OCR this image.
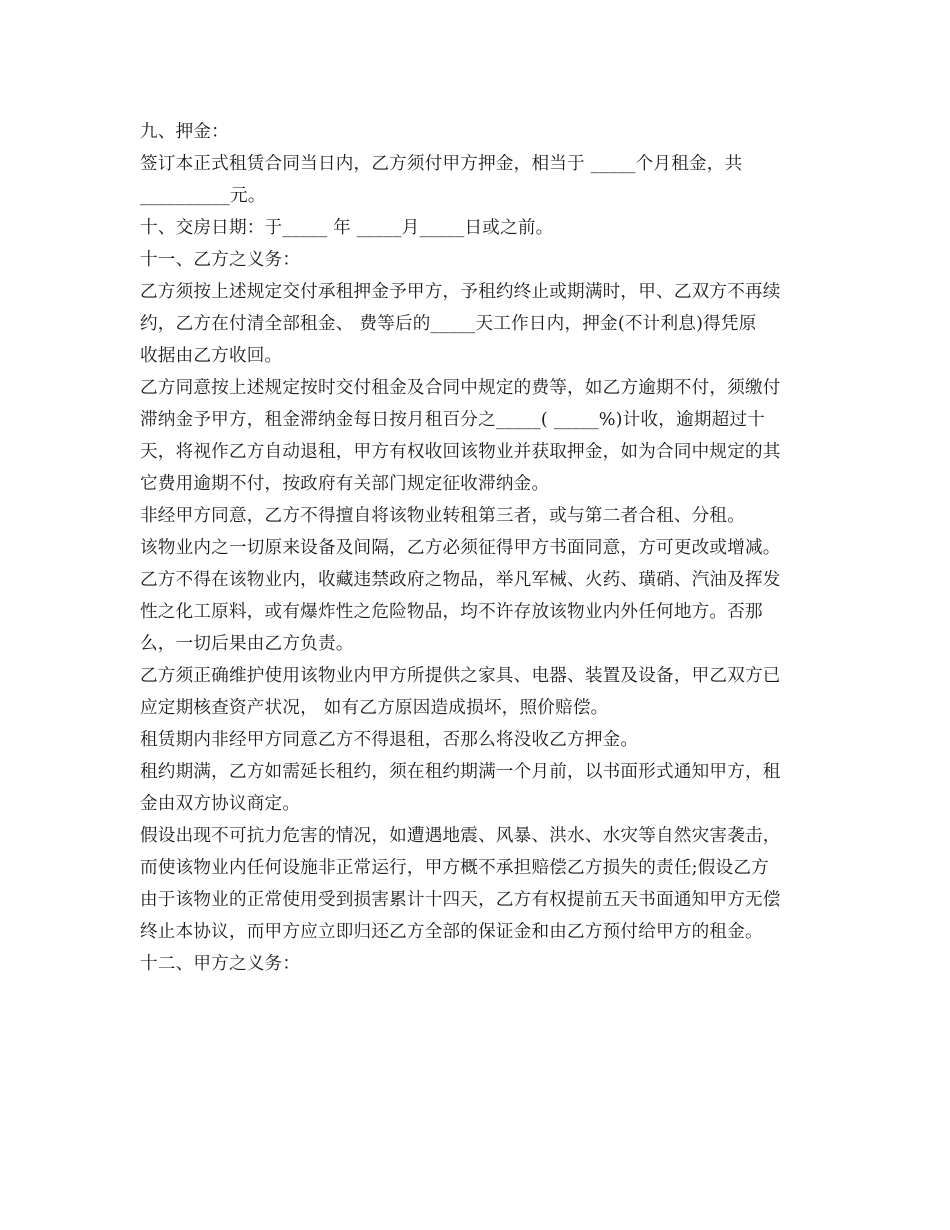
九、押金：
签订本正式租赁合同当日内，乙方须付甲方押金，相当于 _____个月租金，共
__________元。
十、交房日期：于_____ 年 _____月_____日或之前。
十一、乙方之义务：
乙方须按上述规定交付承租押金予甲方，予租约终止或期满时，甲、乙双方不再续
约，乙方在付清全部租金、 费等后的_____天工作日内，押金(不计利息)得凭原
收据由乙方收回。
乙方同意按上述规定按时交付租金及合同中规定的费等，如乙方逾期不付，须缴付
滞纳金予甲方，租金滞纳金每日按月租百分之_____( _____%)计收，逾期超过十
天，将视作乙方自动退租，甲方有权收回该物业并获取押金，如为合同中规定的其
它费用逾期不付，按政府有关部门规定征收滞纳金。
非经甲方同意，乙方不得擅自将该物业转租第三者，或与第二者合租、分租。
该物业内之一切原来设备及间隔，乙方必须征得甲方书面同意，方可更改或增减。
乙方不得在该物业内，收藏违禁政府之物品，举凡军械、火药、璜硝、汽油及挥发
性之化工原料，或有爆炸性之危险物品，均不许存放该物业内外任何地方。否那
么，一切后果由乙方负责。
乙方须正确维护使用该物业内甲方所提供之家具、电器、装置及设备，甲乙双方已
应定期核查资产状况， 如有乙方原因造成损坏，照价赔偿。
租赁期内非经甲方同意乙方不得退租，否那么将没收乙方押金。
租约期满，乙方如需延长租约，须在租约期满一个月前，以书面形式通知甲方，租
金由双方协议商定。
假设出现不可抗力危害的情况，如遭遇地震、风暴、洪水、水灾等自然灾害袭击，
而使该物业内任何设施非正常运行，甲方概不承担赔偿乙方损失的责任;假设乙方
由于该物业的正常使用受到损害累计十四天，乙方有权提前五天书面通知甲方无偿
终止本协议，而甲方应立即归还乙方全部的保证金和由乙方预付给甲方的租金。
十二、甲方之义务：
